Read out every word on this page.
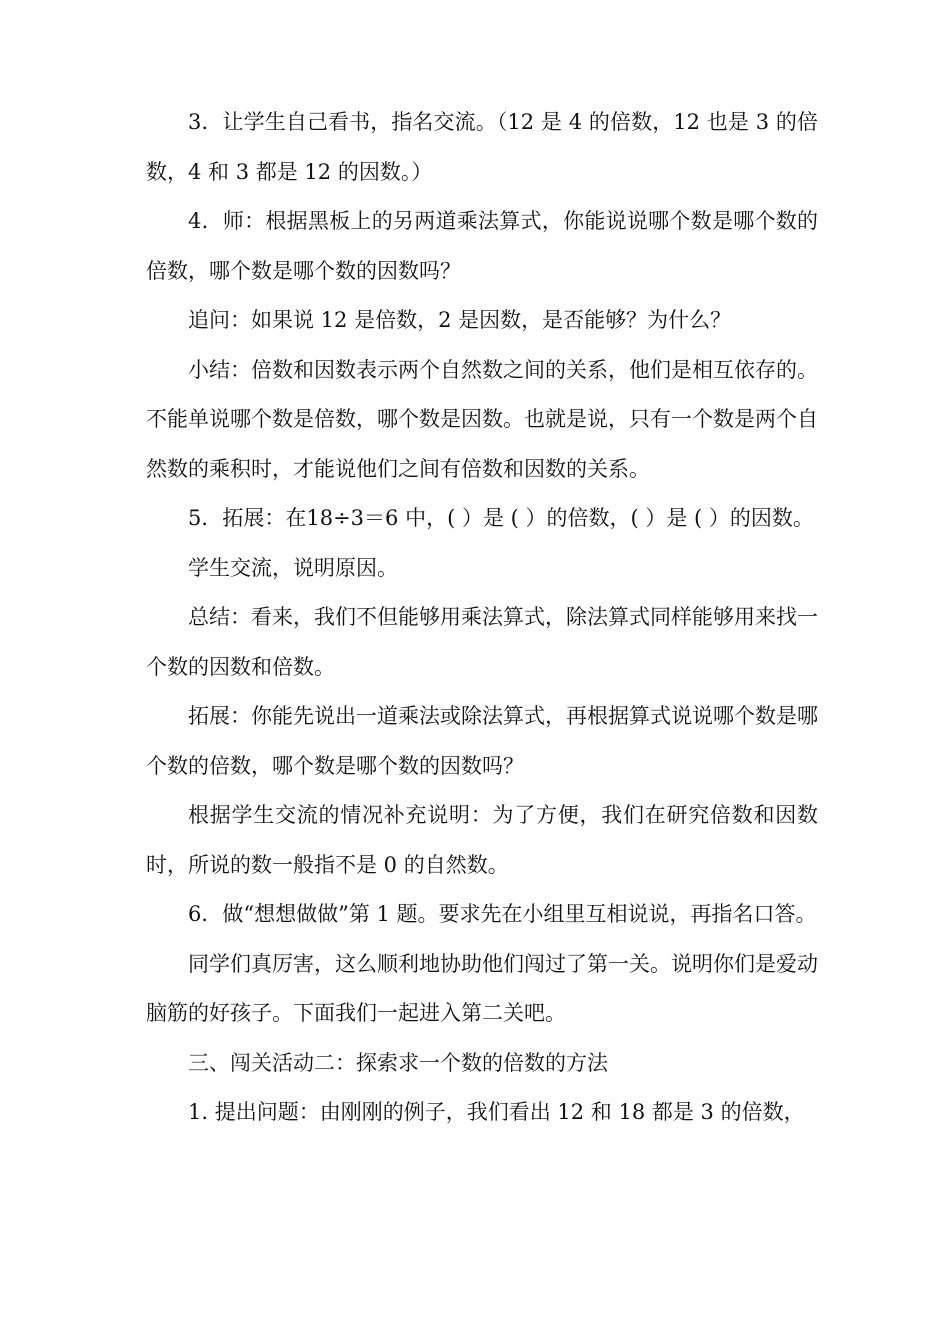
3．让学生自己看书，指名交流。（12 是 4 的倍数，12 也是 3 的倍数，4 和 3 都是 12 的因数。）

4．师：根据黑板上的另两道乘法算式，你能说说哪个数是哪个数的倍数，哪个数是哪个数的因数吗？

追问：如果说 12 是倍数，2 是因数，是否能够？为什么？

小结：倍数和因数表示两个自然数之间的关系，他们是相互依存的。不能单说哪个数是倍数，哪个数是因数。也就是说，只有一个数是两个自然数的乘积时，才能说他们之间有倍数和因数的关系。

5．拓展：在18÷3＝6 中，( ）是 ( ）的倍数，( ）是 ( ）的因数。

学生交流，说明原因。

总结：看来，我们不但能够用乘法算式，除法算式同样能够用来找一个数的因数和倍数。

拓展：你能先说出一道乘法或除法算式，再根据算式说说哪个数是哪个数的倍数，哪个数是哪个数的因数吗？

根据学生交流的情况补充说明：为了方便，我们在研究倍数和因数时，所说的数一般指不是 0 的自然数。

6．做“想想做做”第 1 题。要求先在小组里互相说说，再指名口答。

同学们真厉害，这么顺利地协助他们闯过了第一关。说明你们是爱动脑筋的好孩子。下面我们一起进入第二关吧。

三、闯关活动二：探索求一个数的倍数的方法

1. 提出问题：由刚刚的例子，我们看出 12 和 18 都是 3 的倍数，
